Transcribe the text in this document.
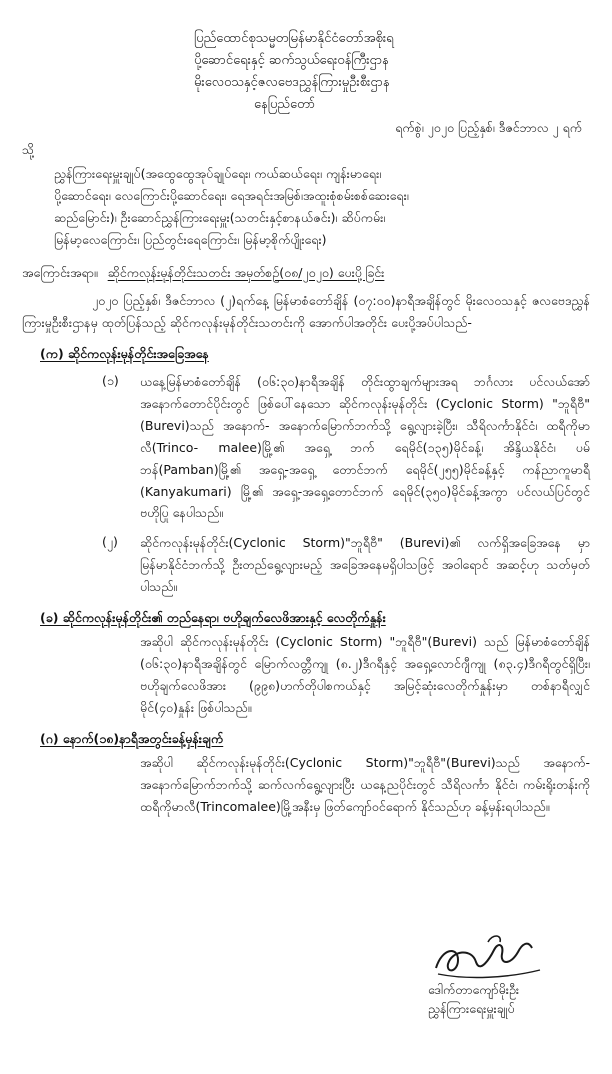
ပြည်ထောင်စုသမ္မတမြန်မာနိုင်ငံတော်အစိုးရ
ပို့ဆောင်ရေးနှင့် ဆက်သွယ်ရေးဝန်ကြီးဌာန
မိုးလေဝသနှင့်ဇလဗေဒညွှန်ကြားမှုဦးစီးဌာန
နေပြည်တော်
ရက်စွဲ၊ ၂၀၂၀ ပြည့်နှစ်၊ ဒီဇင်ဘာလ ၂ ရက်
သို့
ညွှန်ကြားရေးမှူးချုပ်(အထွေထွေအုပ်ချုပ်ရေး၊ ကယ်ဆယ်ရေး၊ ကျန်းမာရေး၊
ပို့ဆောင်ရေး၊ လေကြောင်းပို့ဆောင်ရေး၊ ရေအရင်းအမြစ်၊အထူးစုံစမ်းစစ်ဆေးရေး၊
ဆည်မြောင်း)၊ ဦးဆောင်ညွှန်ကြားရေးမှူး(သတင်းနှင့်စာနယ်ဇင်း)၊ ဆိပ်ကမ်း၊
မြန်မာ့လေကြောင်း၊ ပြည်တွင်းရေကြောင်း၊ မြန်မာ့စိုက်ပျိုးရေး)
အကြောင်းအရာ။ ဆိုင်ကလုန်းမုန်တိုင်းသတင်း အမှတ်စဉ်(၀၈/၂၀၂၀) ပေးပို့ခြင်း
၂၀၂၀ ပြည့်နှစ်၊ ဒီဇင်ဘာလ (၂)ရက်နေ့ မြန်မာစံတော်ချိန် (၀၇:၀၀)နာရီအချိန်တွင် မိုးလေဝသနှင့် ဇလဗေဒညွှန်ကြားမှုဦးစီးဌာနမှ ထုတ်ပြန်သည့် ဆိုင်ကလုန်းမုန်တိုင်းသတင်းကို အောက်ပါအတိုင်း ပေးပို့အပ်ပါသည်-
(က) ဆိုင်ကလုန်းမုန်တိုင်းအခြေအနေ
(၁)	ယနေ့မြန်မာစံတော်ချိန် (၀၆:၃၀)နာရီအချိန် တိုင်းထွာချက်များအရ ဘင်္ဂလား ပင်လယ်အော် အနောက်တောင်ပိုင်းတွင် ဖြစ်ပေါ်နေသော ဆိုင်ကလုန်းမုန်တိုင်း (Cyclonic Storm) "ဘူရီဗီ"(Burevi)သည် အနောက်- အနောက်မြောက်ဘက်သို့ ရွေ့လျားခဲ့ပြီး၊ သီရိလင်္ကာနိုင်ငံ၊ ထရီကိုမာလီ(Trinco- malee)မြို့၏ အရှေ့ ဘက် ရေမိုင်(၁၃၅)မိုင်ခန့်၊ အိန္ဒိယနိုင်ငံ၊ ပမ်ဘန်(Pamban)မြို့၏ အရှေ့-အရှေ့ တောင်ဘက် ရေမိုင်(၂၅၅)မိုင်ခန့်နှင့် ကန်ညာကူမာရီ (Kanyakumari) မြို့၏ အရှေ့-အရှေ့တောင်ဘက် ရေမိုင်(၃၅၀)မိုင်ခန့်အကွာ ပင်လယ်ပြင်တွင် ဗဟိုပြု နေပါသည်။
(၂)	ဆိုင်ကလုန်းမုန်တိုင်း(Cyclonic Storm)"ဘူရီဗီ" (Burevi)၏ လက်ရှိအခြေအနေ မှာ မြန်မာနိုင်ငံဘက်သို့ ဦးတည်ရွေ့လျားမည့် အခြေအနေမရှိပါသဖြင့် အဝါရောင် အဆင့်ဟု သတ်မှတ်ပါသည်။
(ခ) ဆိုင်ကလုန်းမုန်တိုင်း၏ တည်နေရာ၊ ဗဟိုချက်လေဖိအားနှင့် လေတိုက်နှုန်း
အဆိုပါ ဆိုင်ကလုန်းမုန်တိုင်း (Cyclonic Storm) "ဘူရီဗီ"(Burevi) သည် မြန်မာစံတော်ချိန် (၀၆:၃၀)နာရီအချိန်တွင် မြောက်လတ္တီကျု (၈.၂)ဒီဂရီနှင့် အရှေ့လောင်ဂျီကျု (၈၃.၄)ဒီဂရီတွင်ရှိပြီး၊ ဗဟိုချက်လေဖိအား (၉၉၈)ဟက်တိုပါစကယ်နှင့် အမြင့်ဆုံးလေတိုက်နှုန်းမှာ တစ်နာရီလျှင် မိုင်(၄၀)နှုန်း ဖြစ်ပါသည်။
(ဂ) နောက်(၁၈)နာရီအတွင်းခန့်မှန်းချက်
အဆိုပါ ဆိုင်ကလုန်းမုန်တိုင်း(Cyclonic Storm)"ဘူရီဗီ"(Burevi)သည် အနောက်- အနောက်မြောက်ဘက်သို့ ဆက်လက်ရွေ့လျားပြီး ယနေ့ညပိုင်းတွင် သီရိလင်္ကာ နိုင်ငံ၊ ကမ်းရိုးတန်းကို ထရီကိုမာလီ(Trincomalee)မြို့အနီးမှ ဖြတ်ကျော်ဝင်ရောက် နိုင်သည်ဟု ခန့်မှန်းရပါသည်။
ဒေါက်တာကျော်မိုးဦး
ညွှန်ကြားရေးမှူးချုပ်
